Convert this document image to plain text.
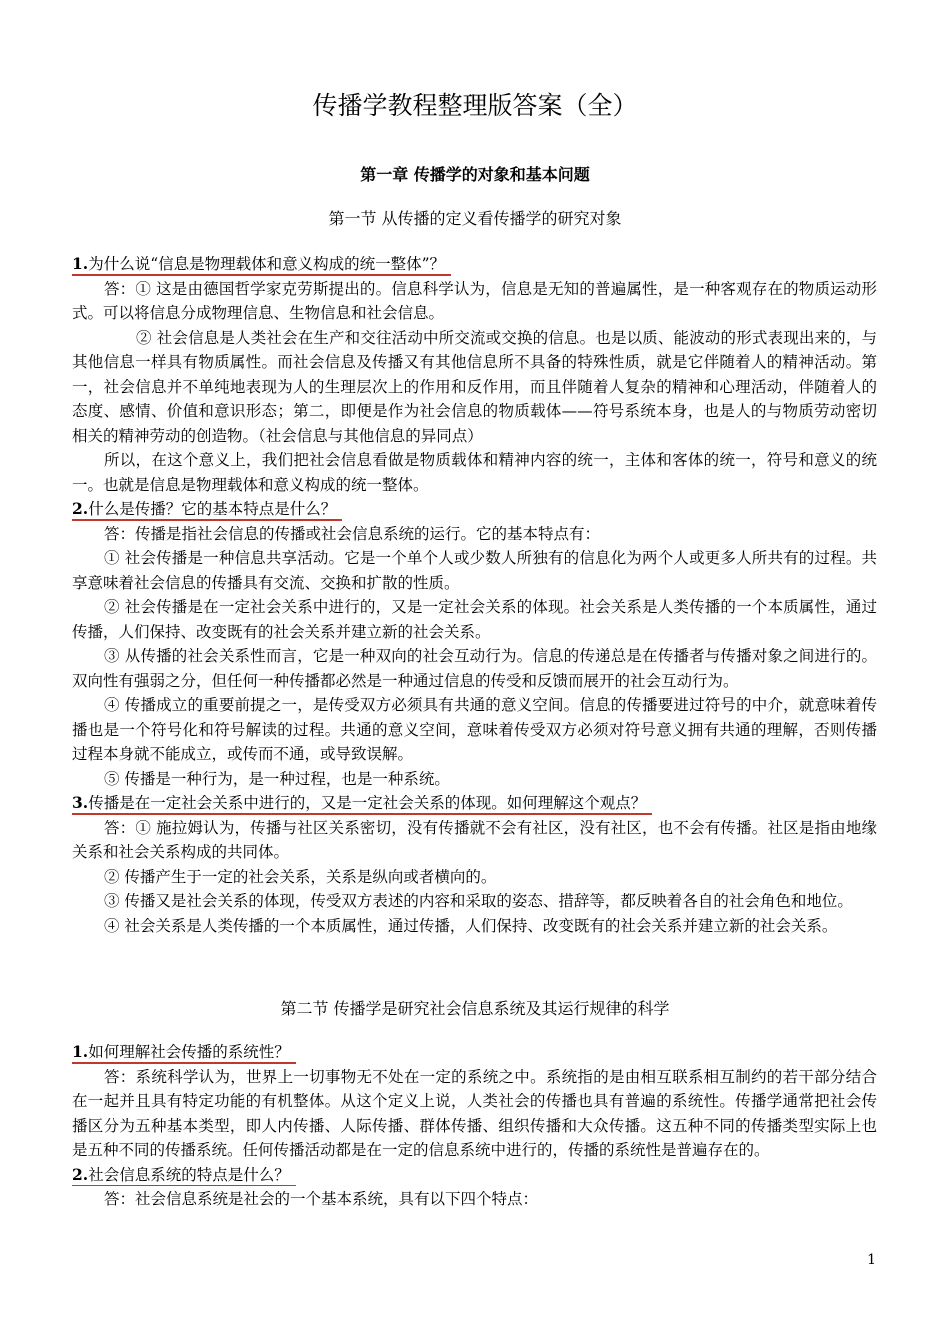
传播学教程整理版答案（全）
第一章 传播学的对象和基本问题
第一节 从传播的定义看传播学的研究对象
1.为什么说“信息是物理载体和意义构成的统一整体”？

答：① 这是由德国哲学家克劳斯提出的。信息科学认为，信息是无知的普遍属性，是一种客观存在的物质运动形式。可以将信息分成物理信息、生物信息和社会信息。

② 社会信息是人类社会在生产和交往活动中所交流或交换的信息。也是以质、能波动的形式表现出来的，与其他信息一样具有物质属性。而社会信息及传播又有其他信息所不具备的特殊性质，就是它伴随着人的精神活动。第一，社会信息并不单纯地表现为人的生理层次上的作用和反作用，而且伴随着人复杂的精神和心理活动，伴随着人的态度、感情、价值和意识形态；第二，即便是作为社会信息的物质载体——符号系统本身，也是人的与物质劳动密切相关的精神劳动的创造物。（社会信息与其他信息的异同点）

所以，在这个意义上，我们把社会信息看做是物质载体和精神内容的统一，主体和客体的统一，符号和意义的统一。也就是信息是物理载体和意义构成的统一整体。

2.什么是传播？它的基本特点是什么？

答：传播是指社会信息的传播或社会信息系统的运行。它的基本特点有：

① 社会传播是一种信息共享活动。它是一个单个人或少数人所独有的信息化为两个人或更多人所共有的过程。共享意味着社会信息的传播具有交流、交换和扩散的性质。

② 社会传播是在一定社会关系中进行的，又是一定社会关系的体现。社会关系是人类传播的一个本质属性，通过传播，人们保持、改变既有的社会关系并建立新的社会关系。

③ 从传播的社会关系性而言，它是一种双向的社会互动行为。信息的传递总是在传播者与传播对象之间进行的。双向性有强弱之分，但任何一种传播都必然是一种通过信息的传受和反馈而展开的社会互动行为。

④ 传播成立的重要前提之一，是传受双方必须具有共通的意义空间。信息的传播要进过符号的中介，就意味着传播也是一个符号化和符号解读的过程。共通的意义空间，意味着传受双方必须对符号意义拥有共通的理解，否则传播过程本身就不能成立，或传而不通，或导致误解。

⑤ 传播是一种行为，是一种过程，也是一种系统。

3.传播是在一定社会关系中进行的，又是一定社会关系的体现。如何理解这个观点？

答：① 施拉姆认为，传播与社区关系密切，没有传播就不会有社区，没有社区，也不会有传播。社区是指由地缘关系和社会关系构成的共同体。

② 传播产生于一定的社会关系，关系是纵向或者横向的。

③ 传播又是社会关系的体现，传受双方表述的内容和采取的姿态、措辞等，都反映着各自的社会角色和地位。

④ 社会关系是人类传播的一个本质属性，通过传播，人们保持、改变既有的社会关系并建立新的社会关系。

第二节 传播学是研究社会信息系统及其运行规律的科学
1.如何理解社会传播的系统性？

答：系统科学认为，世界上一切事物无不处在一定的系统之中。系统指的是由相互联系相互制约的若干部分结合在一起并且具有特定功能的有机整体。从这个定义上说，人类社会的传播也具有普遍的系统性。传播学通常把社会传播区分为五种基本类型，即人内传播、人际传播、群体传播、组织传播和大众传播。这五种不同的传播类型实际上也是五种不同的传播系统。任何传播活动都是在一定的信息系统中进行的，传播的系统性是普遍存在的。

2.社会信息系统的特点是什么？

答：社会信息系统是社会的一个基本系统，具有以下四个特点：

1
